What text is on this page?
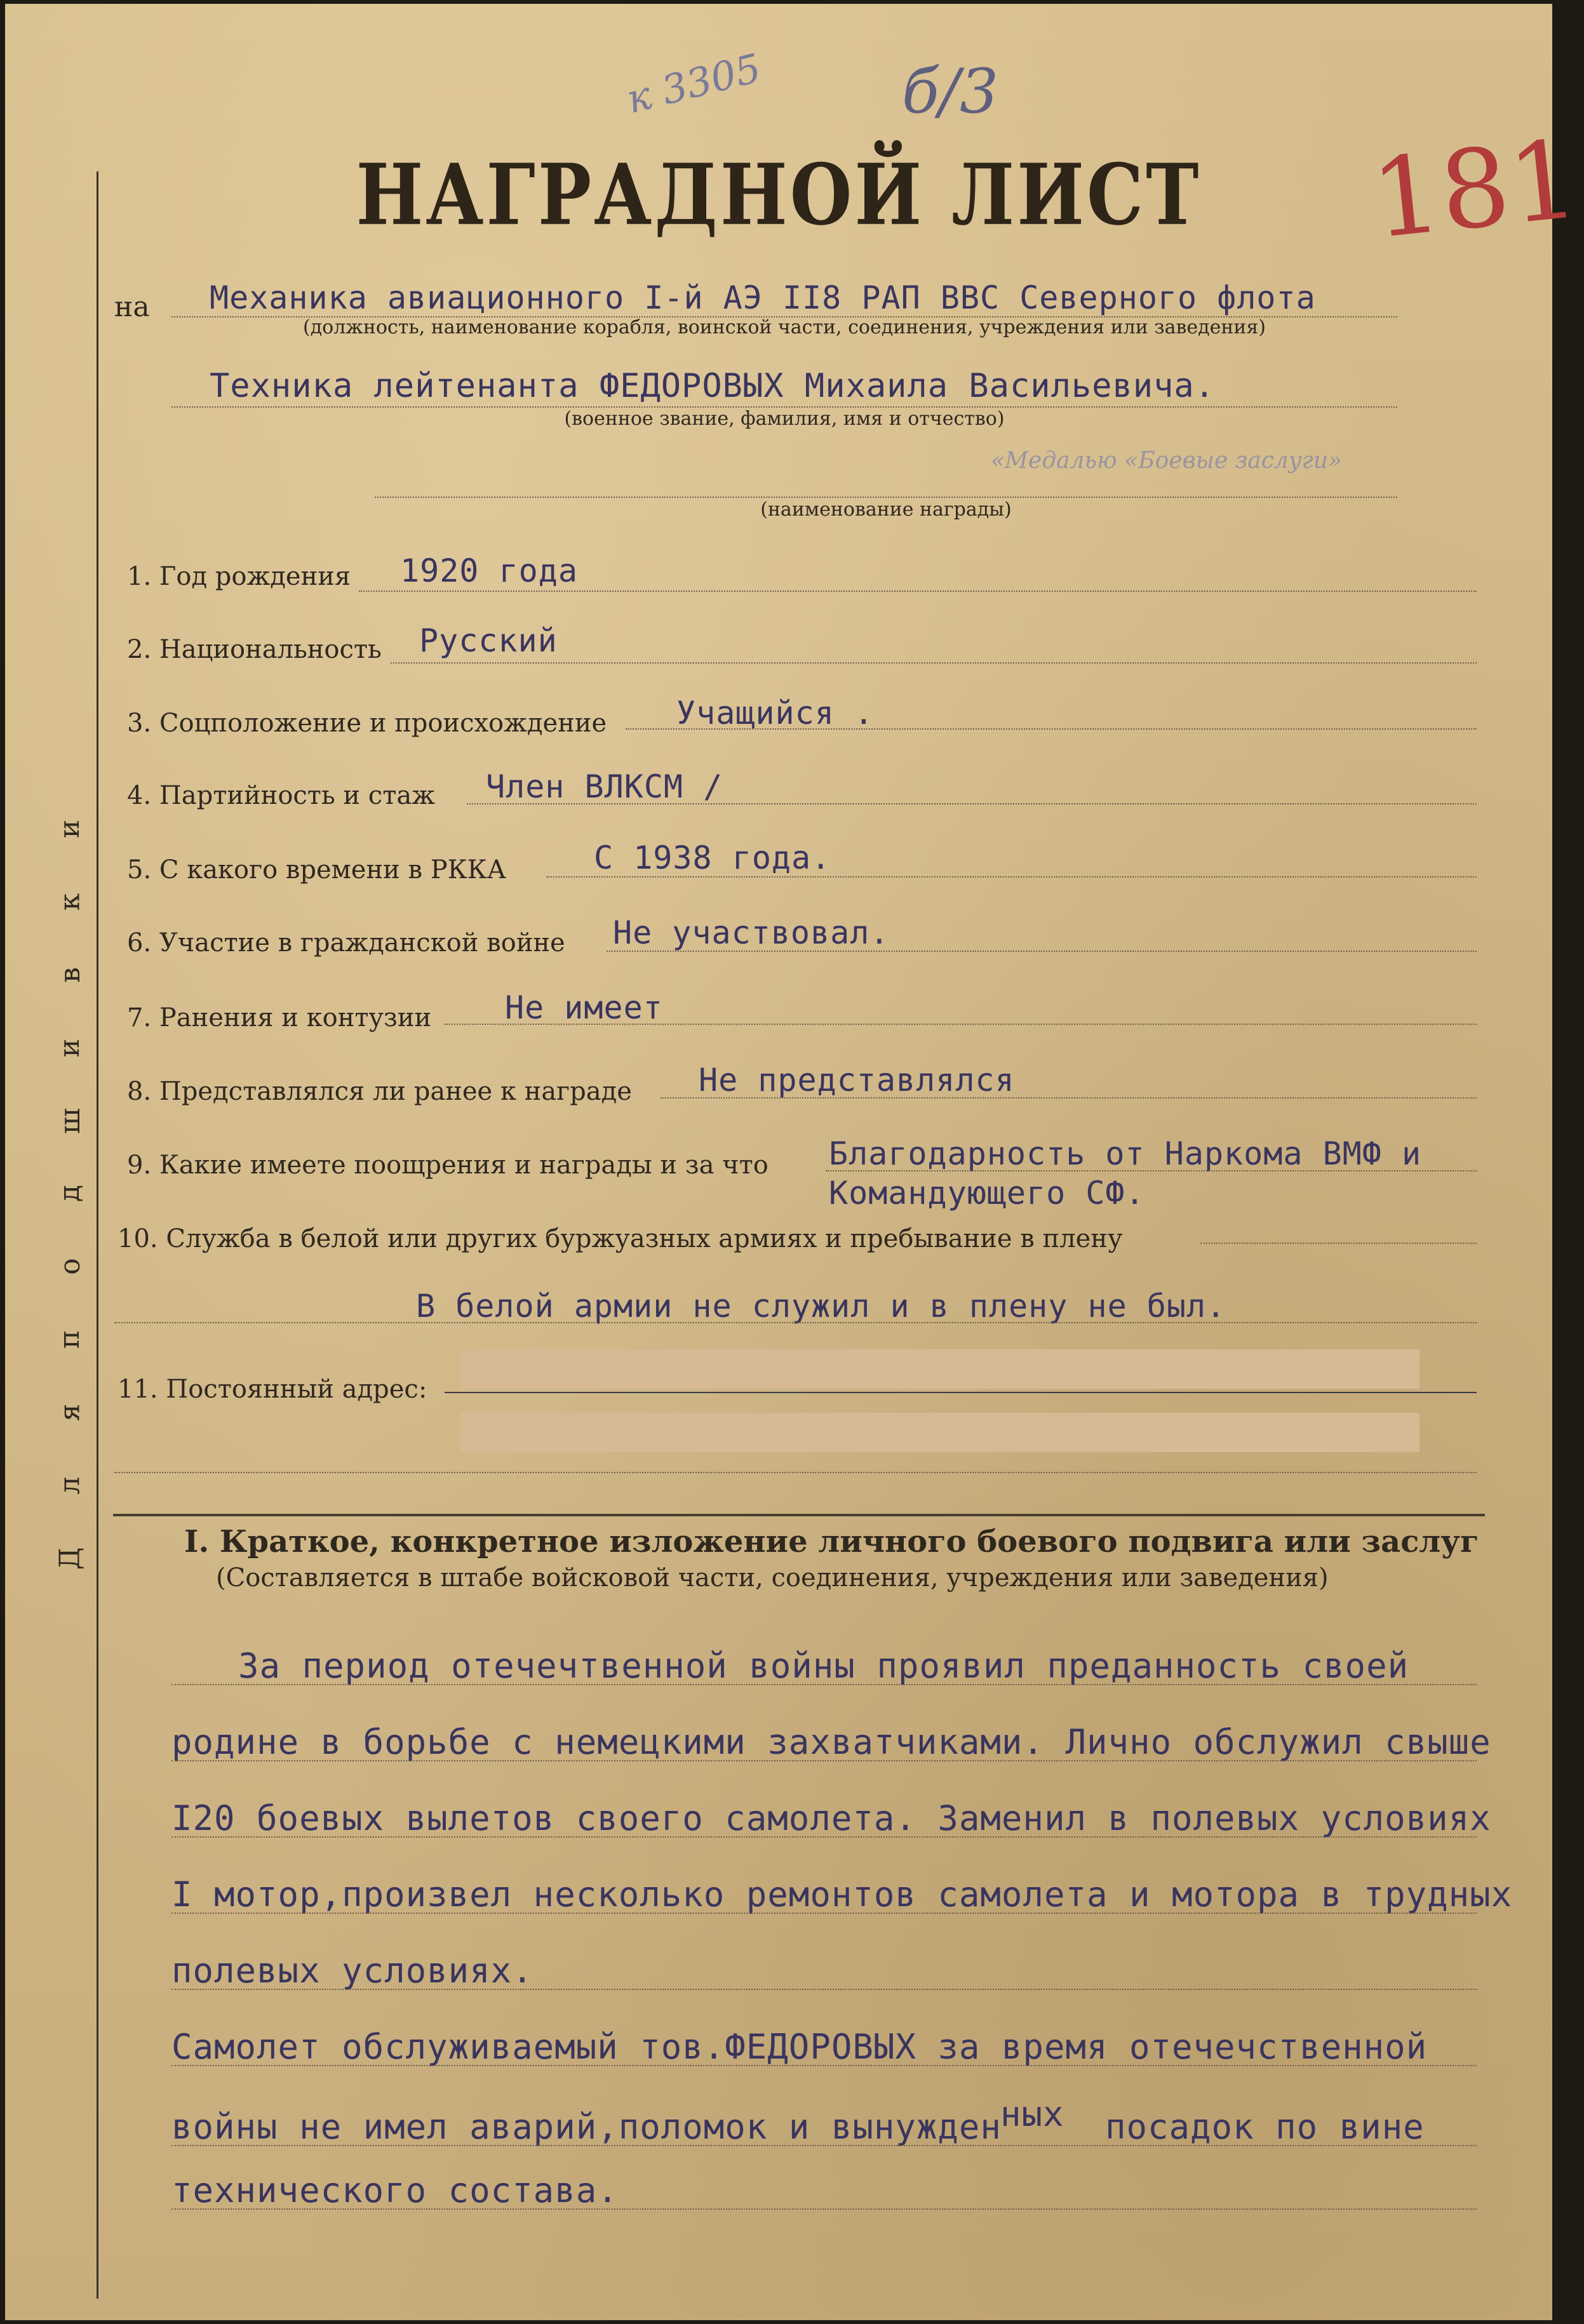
к 3305 б/3
181
НАГРАДНОЙ ЛИСТ
и
к
в
и
ш
д
о
п
я
л
Д
на Механика авиационного I-й АЭ II8 РАП ВВС Северного флота
(должность, наименование корабля, воинской части, соединения, учреждения или заведения)
Техника лейтенанта ФЕДОРОВЫХ Михаила Васильевича.
(военное звание, фамилия, имя и отчество)
«Медалью «Боевые заслуги»
(наименование награды)
1. Год рождения 1920 года
2. Национальность Русский
3. Соцположение и происхождение Учащийся .
4. Партийность и стаж Член ВЛКСМ /
5. С какого времени в РККА	С 1938 года.
6. Участие в гражданской войне Не участвовал.
7. Ранения и контузии Не имеет
8. Представлялся ли ранее к награде Не представлялся
9. Какие имеете поощрения и награды и за что Благодарность от Наркома ВМФ и
Командующего СФ.
10. Служба в белой или других буржуазных армиях и пребывание в плену
В белой армии не служил и в плену не был.
11. Постоянный адрес:
I. Краткое, конкретное изложение личного боевого подвига или заслуг
(Составляется в штабе войсковой части, соединения, учреждения или заведения)
За период отечечтвенной войны проявил преданность своей
родине в борьбе с немецкими захватчиками. Лично обслужил свыше
I20 боевых вылетов своего самолета. Заменил в полевых условиях
I мотор,произвел несколько ремонтов самолета и мотора в трудных
полевых условиях.
Самолет обслуживаемый тов.ФЕДОРОВЫХ за время отечечственной
войны не имел аварий,поломок и вынужден
ных посадок по вине
технического состава.
